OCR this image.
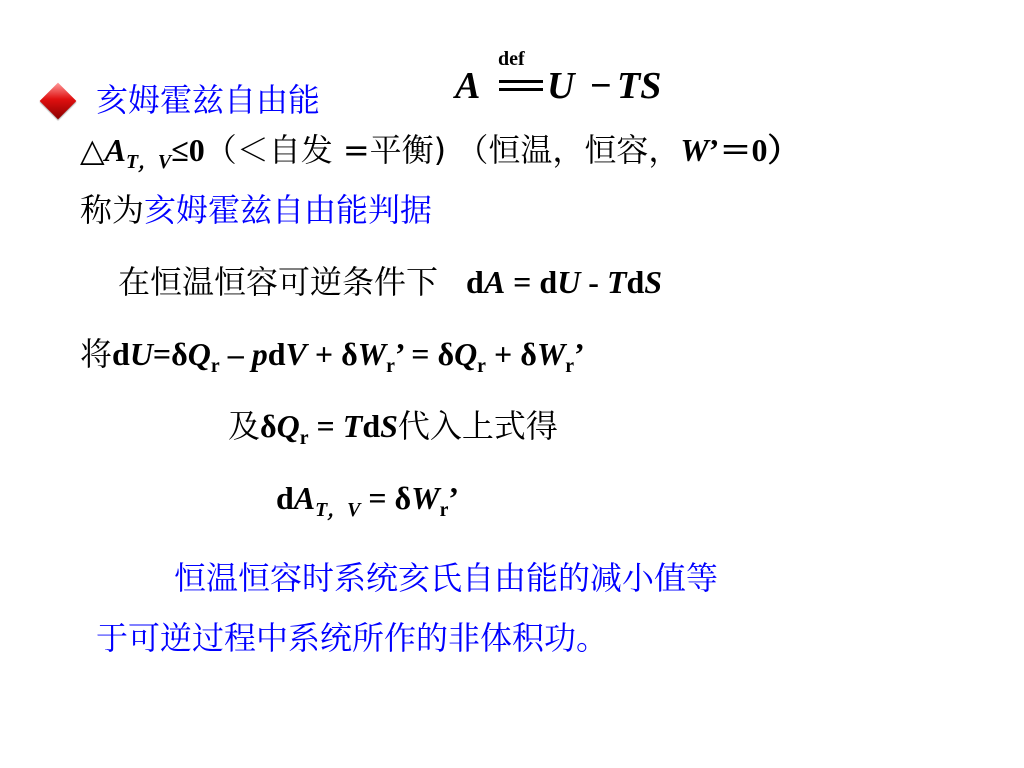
亥姆霍兹自由能	A
def
U − TS
$\triangle A_{T,V}\le 0(<$自发 =平衡) （恒温，恒容，W’＝0）
称为亥姆霍兹自由能判据
在恒温恒容可逆条件下 dA = dU - TdS
将$dU=\delta Q_r$ – pdV + $\delta W_r$’ = $\delta Q_r + \delta W_r$’
及$\delta Q_r$ = TdS代入上式得
$dA_{T,V} = \delta W_r$’
恒温恒容时系统亥氏自由能的减小值等
于可逆过程中系统所作的非体积功。
